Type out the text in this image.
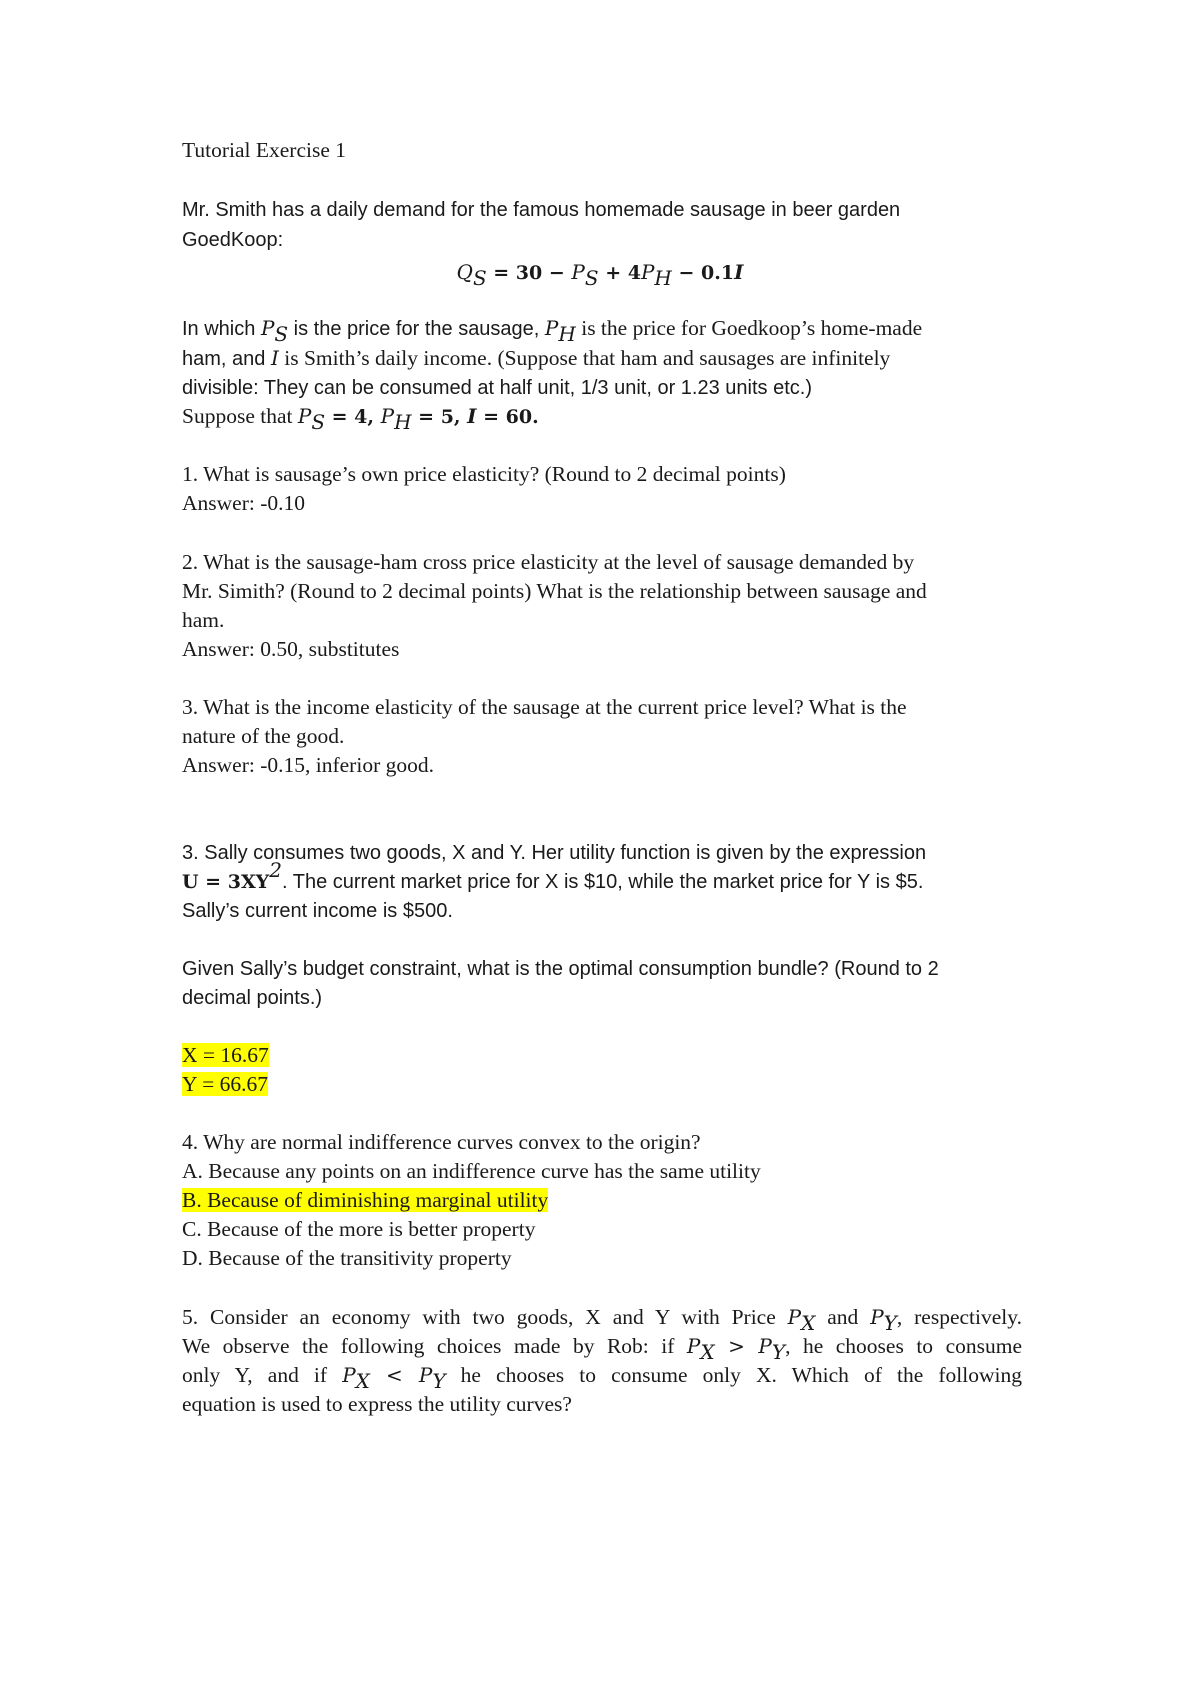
Tutorial Exercise 1
Mr. Smith has a daily demand for the famous homemade sausage in beer garden
GoedKoop:
$Q_S = 30 - P_S + 4P_H - 0.1I$
In which $P_S$ is the price for the sausage, $P_H$ is the price for Goedkoop’s home-made
ham, and I is Smith’s daily income. (Suppose that ham and sausages are infinitely
divisible: They can be consumed at half unit, 1/3 unit, or 1.23 units etc.)
Suppose that $P_S = 4$, $P_H = 5$, I = 60.
1. What is sausage’s own price elasticity? (Round to 2 decimal points)
Answer: -0.10
2. What is the sausage-ham cross price elasticity at the level of sausage demanded by
Mr. Simith? (Round to 2 decimal points) What is the relationship between sausage and
ham.
Answer: 0.50, substitutes
3. What is the income elasticity of the sausage at the current price level? What is the
nature of the good.
Answer: -0.15, inferior good.
3. Sally consumes two goods, X and Y. Her utility function is given by the expression
$U = 3XY^2$. The current market price for X is $10, while the market price for Y is $5.
Sally’s current income is $500.
Given Sally’s budget constraint, what is the optimal consumption bundle? (Round to 2
decimal points.)
X = 16.67
Y = 66.67
4. Why are normal indifference curves convex to the origin?
A. Because any points on an indifference curve has the same utility
B. Because of diminishing marginal utility
C. Because of the more is better property
D. Because of the transitivity property
5. Consider an economy with two goods, X and Y with Price $P_X$ and $P_Y$, respectively.
We observe the following choices made by Rob: if $P_X > P_Y$, he chooses to consume
only Y, and if $P_X < P_Y$ he chooses to consume only X. Which of the following
equation is used to express the utility curves?
